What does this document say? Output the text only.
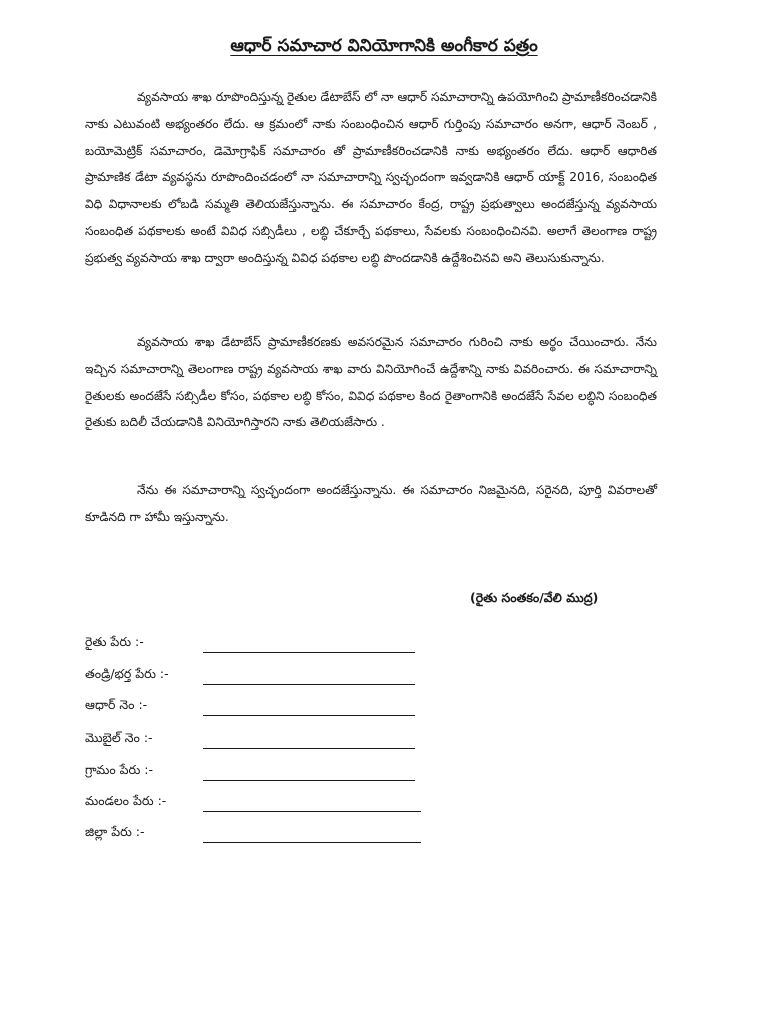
ఆధార్ సమాచార వినియోగానికి అంగీకార పత్రం

వ్యవసాయ శాఖ రూపొందిస్తున్న రైతుల డేటాబేస్ లో నా ఆధార్ సమాచారాన్ని ఉపయోగించి ప్రామాణీకరించడానికి నాకు ఎటువంటి అభ్యంతరం లేదు. ఆ క్రమంలో నాకు సంబంధించిన ఆధార్ గుర్తింపు సమాచారం అనగా, ఆధార్ నెంబర్ , బయోమెట్రిక్ సమాచారం, డెమోగ్రాఫిక్ సమాచారం తో ప్రామాణీకరించడానికి నాకు అభ్యంతరం లేదు. ఆధార్ ఆధారిత ప్రామాణిక డేటా వ్యవస్థను రూపొందించడంలో నా సమాచారాన్ని స్వచ్ఛందంగా ఇవ్వడానికి ఆధార్ యాక్ట్ 2016, సంబంధిత విధి విధానాలకు లోబడి సమ్మతి తెలియజేస్తున్నాను. ఈ సమాచారం కేంద్ర, రాష్ట్ర ప్రభుత్వాలు అందజేస్తున్న వ్యవసాయ సంబంధిత పథకాలకు అంటే వివిధ సబ్సిడీలు , లబ్ధి చేకూర్చే పథకాలు, సేవలకు సంబంధించినవి. అలాగే తెలంగాణ రాష్ట్ర ప్రభుత్వ వ్యవసాయ శాఖ ద్వారా అందిస్తున్న వివిధ పథకాల లబ్ధి పొందడానికి ఉద్దేశించినవి అని తెలుసుకున్నాను.

వ్యవసాయ శాఖ డేటాబేస్ ప్రామాణీకరణకు అవసరమైన సమాచారం గురించి నాకు అర్థం చేయించారు. నేను ఇచ్చిన సమాచారాన్ని తెలంగాణ రాష్ట్ర వ్యవసాయ శాఖ వారు వినియోగించే ఉద్దేశాన్ని నాకు వివరించారు. ఈ సమాచారాన్ని రైతులకు అందజేసే సబ్సిడీల కోసం, పథకాల లబ్ధి కోసం, వివిధ పథకాల కింద రైతాంగానికి అందజేసే సేవల లబ్ధిని సంబంధిత రైతుకు బదిలీ చేయడానికి వినియోగిస్తారని నాకు తెలియజేసారు .

నేను ఈ సమాచారాన్ని స్వచ్ఛందంగా అందజేస్తున్నాను. ఈ సమాచారం నిజమైనది, సరైనది, పూర్తి వివరాలతో కూడినది గా హామీ ఇస్తున్నాను.

(రైతు సంతకం/వేలి ముద్ర)
రైతు పేరు :-
తండ్రి/భర్త పేరు :-
ఆధార్ నెం :-
మొబైల్ నెం :-
గ్రామం పేరు :-
మండలం పేరు :-
జిల్లా పేరు :-
